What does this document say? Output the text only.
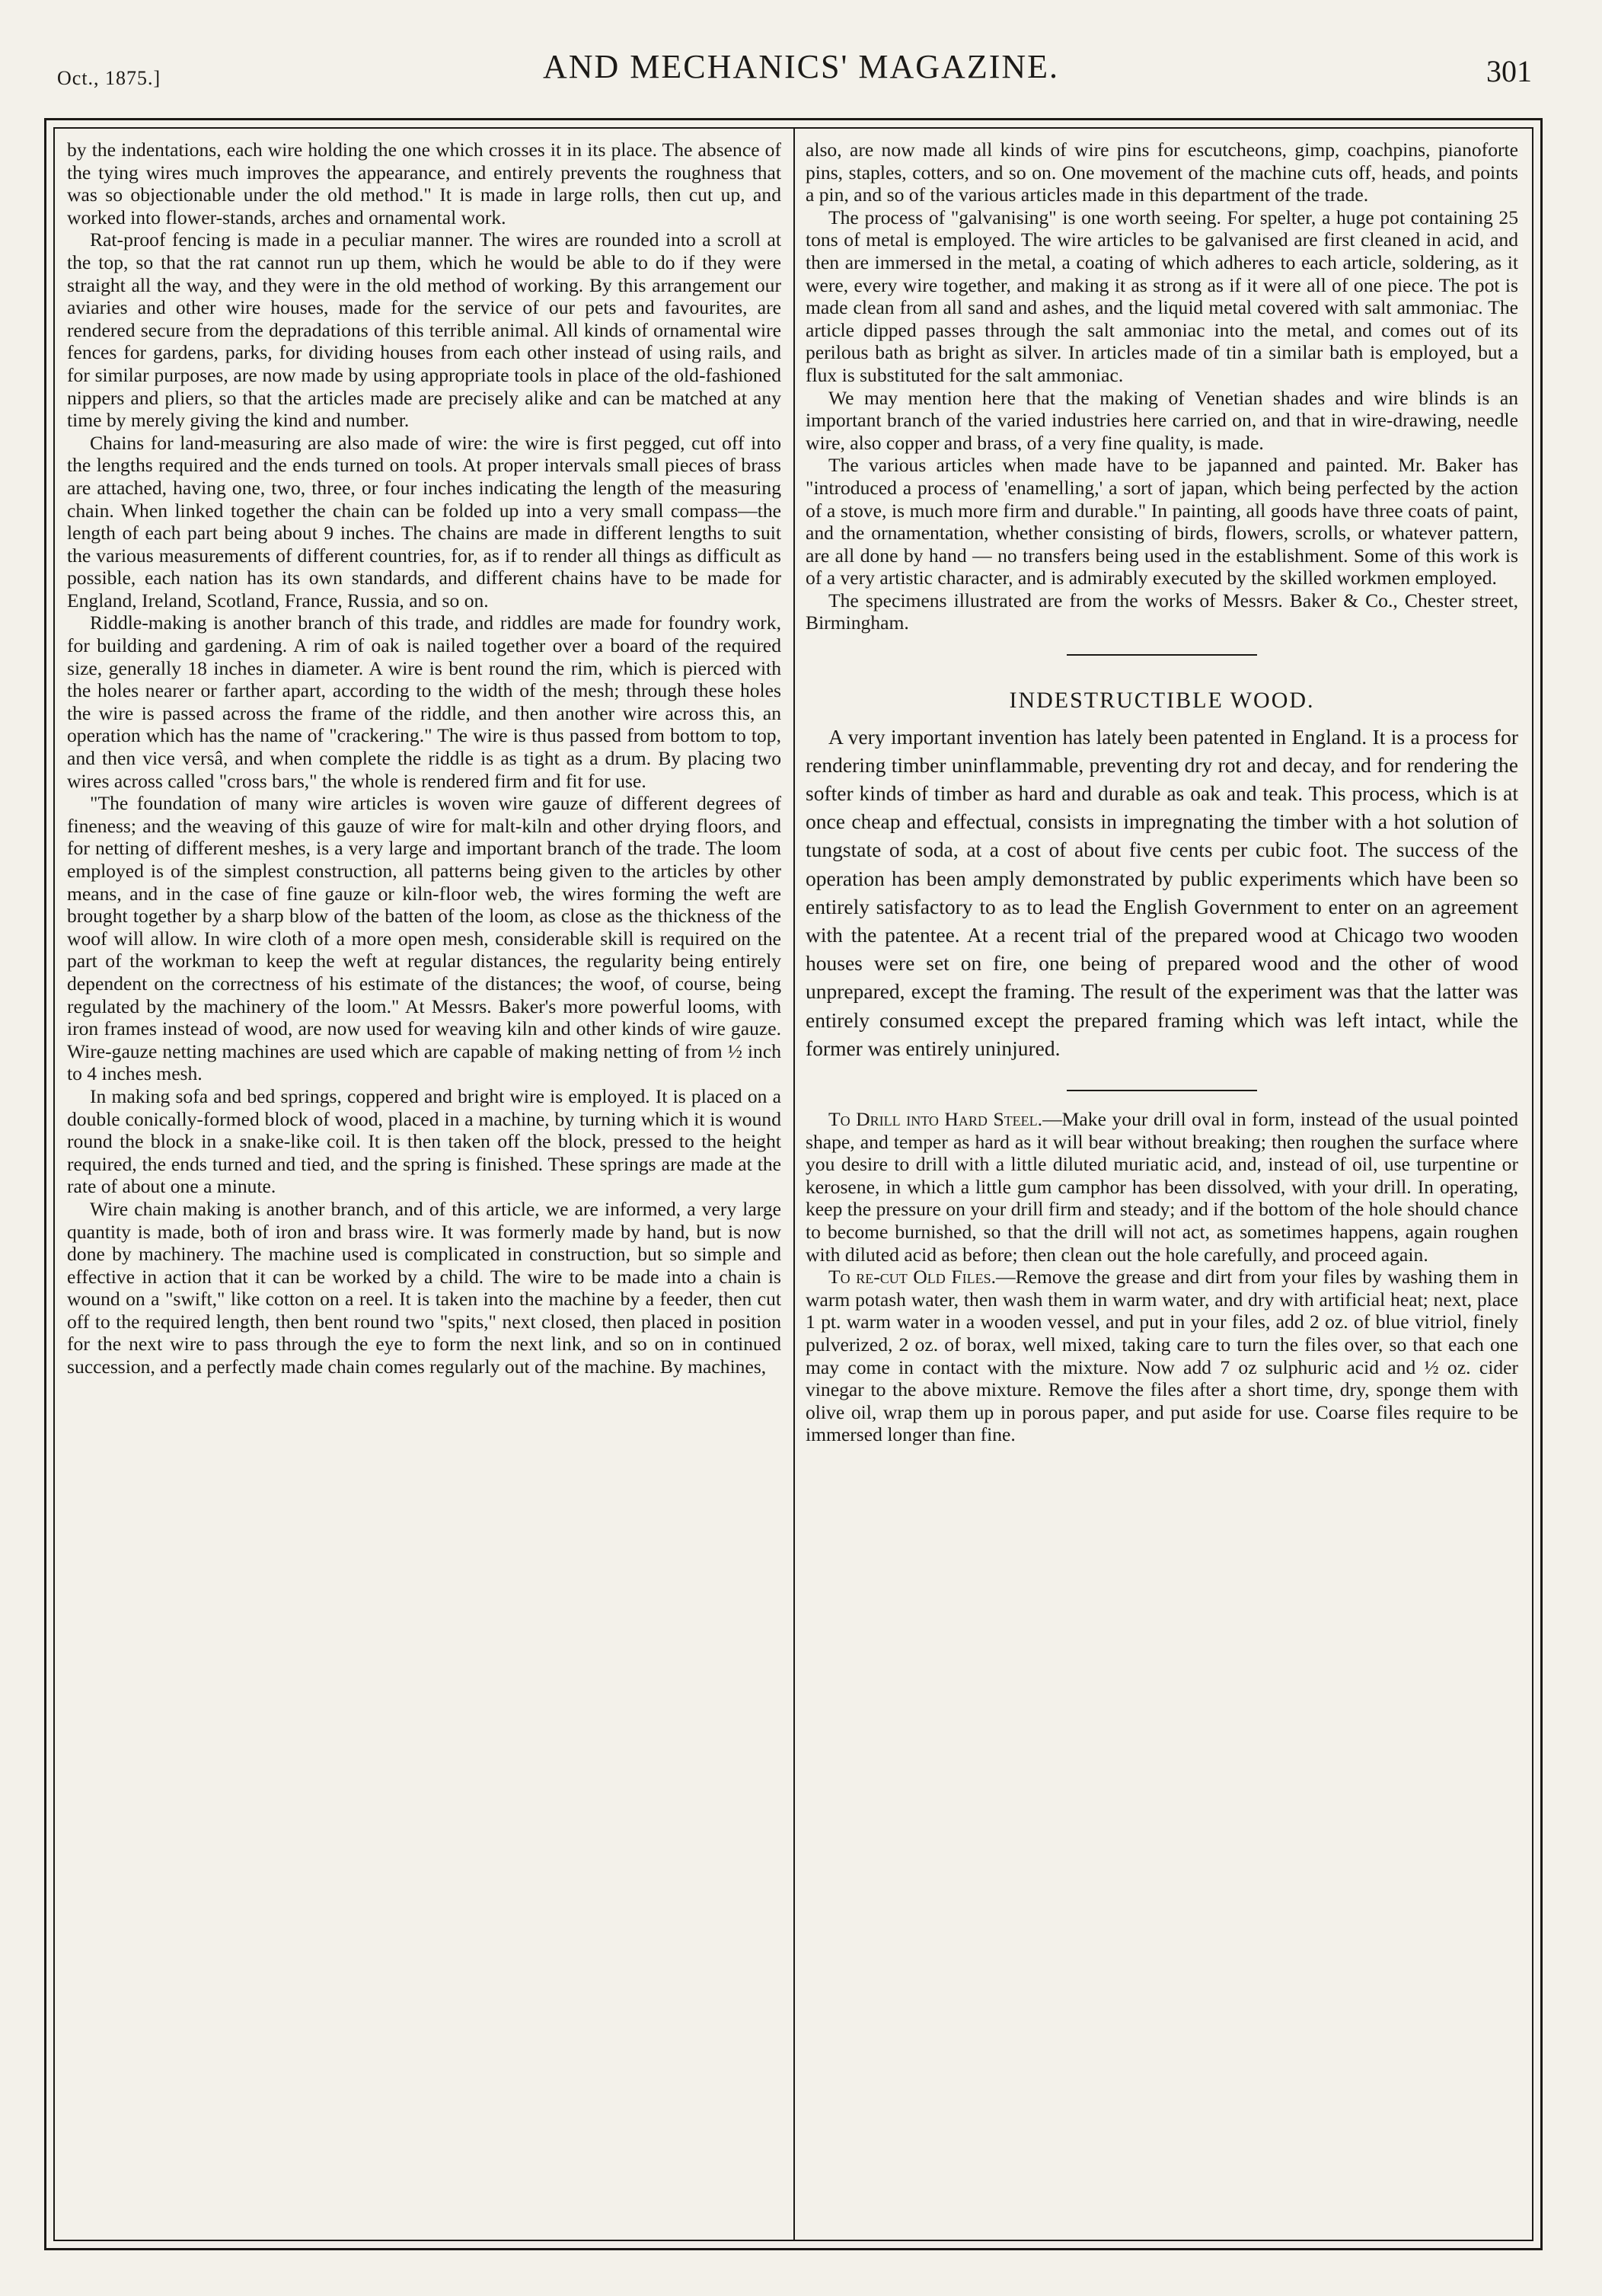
Oct., 1875.]	AND MECHANICS' MAGAZINE.	301

by the indentations, each wire holding the one which crosses it in its place. The absence of the tying wires much improves the appearance, and entirely prevents the roughness that was so objectionable under the old method." It is made in large rolls, then cut up, and worked into flower-stands, arches and ornamental work.

Rat-proof fencing is made in a peculiar manner. The wires are rounded into a scroll at the top, so that the rat cannot run up them, which he would be able to do if they were straight all the way, and they were in the old method of working. By this arrangement our aviaries and other wire houses, made for the service of our pets and favourites, are rendered secure from the depradations of this terrible animal. All kinds of ornamental wire fences for gardens, parks, for dividing houses from each other instead of using rails, and for similar purposes, are now made by using appropriate tools in place of the old-fashioned nippers and pliers, so that the articles made are precisely alike and can be matched at any time by merely giving the kind and number.

Chains for land-measuring are also made of wire: the wire is first pegged, cut off into the lengths required and the ends turned on tools. At proper intervals small pieces of brass are attached, having one, two, three, or four inches indicating the length of the measuring chain. When linked together the chain can be folded up into a very small compass—the length of each part being about 9 inches. The chains are made in different lengths to suit the various measurements of different countries, for, as if to render all things as difficult as possible, each nation has its own standards, and different chains have to be made for England, Ireland, Scotland, France, Russia, and so on.

Riddle-making is another branch of this trade, and riddles are made for foundry work, for building and gardening. A rim of oak is nailed together over a board of the required size, generally 18 inches in diameter. A wire is bent round the rim, which is pierced with the holes nearer or farther apart, according to the width of the mesh; through these holes the wire is passed across the frame of the riddle, and then another wire across this, an operation which has the name of "crackering." The wire is thus passed from bottom to top, and then vice versâ, and when complete the riddle is as tight as a drum. By placing two wires across called "cross bars," the whole is rendered firm and fit for use.

"The foundation of many wire articles is woven wire gauze of different degrees of fineness; and the weaving of this gauze of wire for malt-kiln and other drying floors, and for netting of different meshes, is a very large and important branch of the trade. The loom employed is of the simplest construction, all patterns being given to the articles by other means, and in the case of fine gauze or kiln-floor web, the wires forming the weft are brought together by a sharp blow of the batten of the loom, as close as the thickness of the woof will allow. In wire cloth of a more open mesh, considerable skill is required on the part of the workman to keep the weft at regular distances, the regularity being entirely dependent on the correctness of his estimate of the distances; the woof, of course, being regulated by the machinery of the loom." At Messrs. Baker's more powerful looms, with iron frames instead of wood, are now used for weaving kiln and other kinds of wire gauze. Wire-gauze netting machines are used which are capable of making netting of from ½ inch to 4 inches mesh.

In making sofa and bed springs, coppered and bright wire is employed. It is placed on a double conically-formed block of wood, placed in a machine, by turning which it is wound round the block in a snake-like coil. It is then taken off the block, pressed to the height required, the ends turned and tied, and the spring is finished. These springs are made at the rate of about one a minute.

Wire chain making is another branch, and of this article, we are informed, a very large quantity is made, both of iron and brass wire. It was formerly made by hand, but is now done by machinery. The machine used is complicated in construction, but so simple and effective in action that it can be worked by a child. The wire to be made into a chain is wound on a "swift," like cotton on a reel. It is taken into the machine by a feeder, then cut off to the required length, then bent round two "spits," next closed, then placed in position for the next wire to pass through the eye to form the next link, and so on in continued succession, and a perfectly made chain comes regularly out of the machine. By machines,

also, are now made all kinds of wire pins for escutcheons, gimp, coachpins, pianoforte pins, staples, cotters, and so on. One movement of the machine cuts off, heads, and points a pin, and so of the various articles made in this department of the trade.

The process of "galvanising" is one worth seeing. For spelter, a huge pot containing 25 tons of metal is employed. The wire articles to be galvanised are first cleaned in acid, and then are immersed in the metal, a coating of which adheres to each article, soldering, as it were, every wire together, and making it as strong as if it were all of one piece. The pot is made clean from all sand and ashes, and the liquid metal covered with salt ammoniac. The article dipped passes through the salt ammoniac into the metal, and comes out of its perilous bath as bright as silver. In articles made of tin a similar bath is employed, but a flux is substituted for the salt ammoniac.

We may mention here that the making of Venetian shades and wire blinds is an important branch of the varied industries here carried on, and that in wire-drawing, needle wire, also copper and brass, of a very fine quality, is made.

The various articles when made have to be japanned and painted. Mr. Baker has "introduced a process of 'enamelling,' a sort of japan, which being perfected by the action of a stove, is much more firm and durable." In painting, all goods have three coats of paint, and the ornamentation, whether consisting of birds, flowers, scrolls, or whatever pattern, are all done by hand — no transfers being used in the establishment. Some of this work is of a very artistic character, and is admirably executed by the skilled workmen employed.

The specimens illustrated are from the works of Messrs. Baker & Co., Chester street, Birmingham.

INDESTRUCTIBLE WOOD.

A very important invention has lately been patented in England. It is a process for rendering timber uninflammable, preventing dry rot and decay, and for rendering the softer kinds of timber as hard and durable as oak and teak. This process, which is at once cheap and effectual, consists in impregnating the timber with a hot solution of tungstate of soda, at a cost of about five cents per cubic foot. The success of the operation has been amply demonstrated by public experiments which have been so entirely satisfactory to as to lead the English Government to enter on an agreement with the patentee. At a recent trial of the prepared wood at Chicago two wooden houses were set on fire, one being of prepared wood and the other of wood unprepared, except the framing. The result of the experiment was that the latter was entirely consumed except the prepared framing which was left intact, while the former was entirely uninjured.

To Drill into Hard Steel.—Make your drill oval in form, instead of the usual pointed shape, and temper as hard as it will bear without breaking; then roughen the surface where you desire to drill with a little diluted muriatic acid, and, instead of oil, use turpentine or kerosene, in which a little gum camphor has been dissolved, with your drill. In operating, keep the pressure on your drill firm and steady; and if the bottom of the hole should chance to become burnished, so that the drill will not act, as sometimes happens, again roughen with diluted acid as before; then clean out the hole carefully, and proceed again.

To re-cut Old Files.—Remove the grease and dirt from your files by washing them in warm potash water, then wash them in warm water, and dry with artificial heat; next, place 1 pt. warm water in a wooden vessel, and put in your files, add 2 oz. of blue vitriol, finely pulverized, 2 oz. of borax, well mixed, taking care to turn the files over, so that each one may come in contact with the mixture. Now add 7 oz sulphuric acid and ½ oz. cider vinegar to the above mixture. Remove the files after a short time, dry, sponge them with olive oil, wrap them up in porous paper, and put aside for use. Coarse files require to be immersed longer than fine.
